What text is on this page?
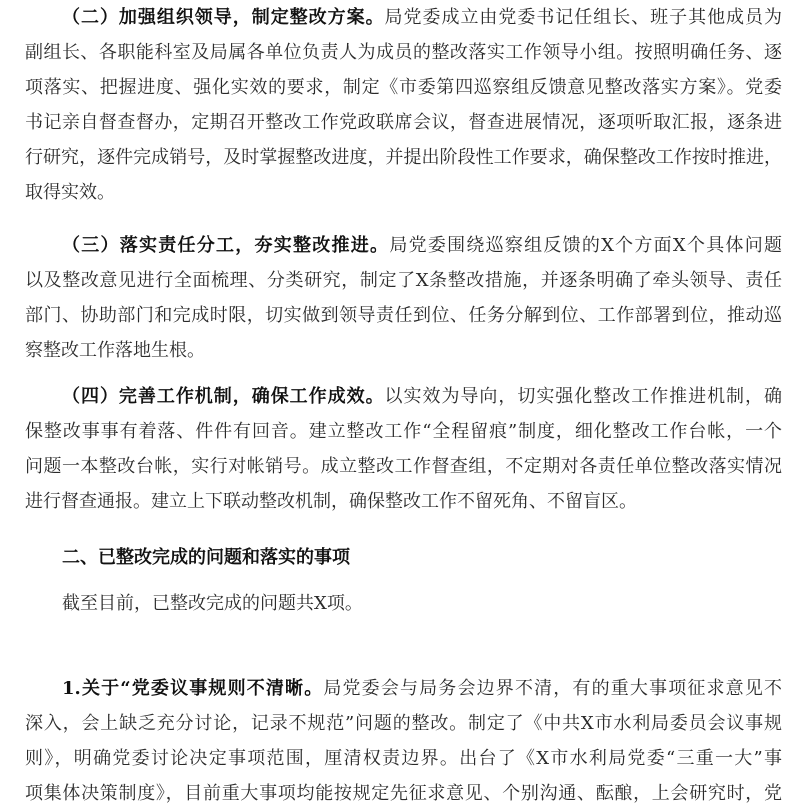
（二）加强组织领导，制定整改方案。局党委成立由党委书记任组长、班子其他成员为
副组长、各职能科室及局属各单位负责人为成员的整改落实工作领导小组。按照明确任务、逐
项落实、把握进度、强化实效的要求，制定《市委第四巡察组反馈意见整改落实方案》。党委
书记亲自督查督办，定期召开整改工作党政联席会议，督查进展情况，逐项听取汇报，逐条进
行研究，逐件完成销号，及时掌握整改进度，并提出阶段性工作要求，确保整改工作按时推进，
取得实效。
（三）落实责任分工，夯实整改推进。局党委围绕巡察组反馈的X个方面X个具体问题
以及整改意见进行全面梳理、分类研究，制定了X条整改措施，并逐条明确了牵头领导、责任
部门、协助部门和完成时限，切实做到领导责任到位、任务分解到位、工作部署到位，推动巡
察整改工作落地生根。
（四）完善工作机制，确保工作成效。以实效为导向，切实强化整改工作推进机制，确
保整改事事有着落、件件有回音。建立整改工作“全程留痕”制度，细化整改工作台帐，一个
问题一本整改台帐，实行对帐销号。成立整改工作督查组，不定期对各责任单位整改落实情况
进行督查通报。建立上下联动整改机制，确保整改工作不留死角、不留盲区。
二、已整改完成的问题和落实的事项
截至目前，已整改完成的问题共X项。
1.关于“党委议事规则不清晰。局党委会与局务会边界不清，有的重大事项征求意见不
深入，会上缺乏充分讨论，记录不规范”问题的整改。制定了《中共X市水利局委员会议事规
则》，明确党委讨论决定事项范围，厘清权责边界。出台了《X市水利局党委“三重一大”事
项集体决策制度》，目前重大事项均能按规定先征求意见、个别沟通、酝酿，上会研究时，党
